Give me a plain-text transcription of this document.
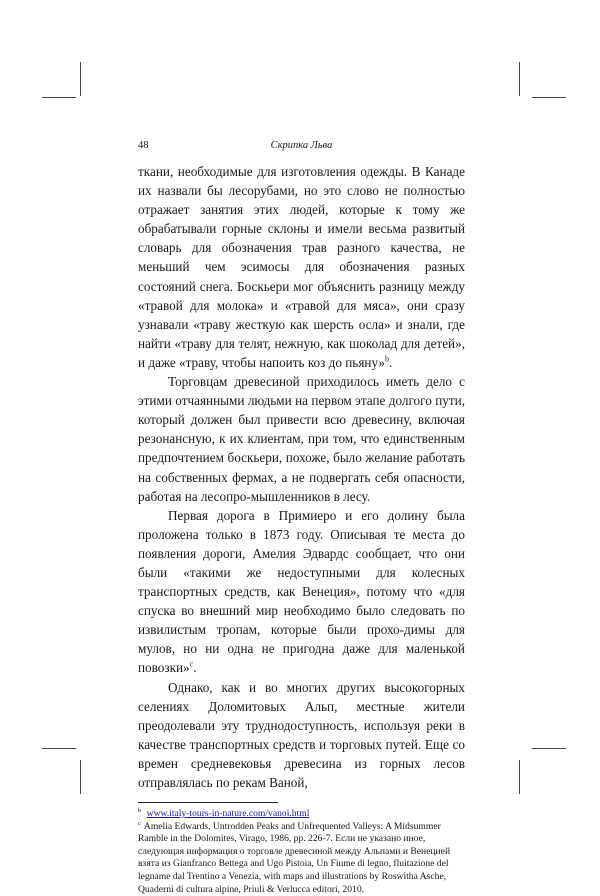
48	Скрипка Льва

ткани, необходимые для изготовления одежды. В Канаде их назвали бы лесорубами, но это слово не полностью отражает занятия этих людей, которые к тому же обрабатывали горные склоны и имели весьма развитый словарь для обозначения трав разного качества, не меньший чем эсимосы для обозначения разных состояний снега. Боскьери мог объяснить разницу между «травой для молока» и «травой для мяса», они сразу узнавали «траву жесткую как шерсть осла» и знали, где найти «траву для телят, нежную, как шоколад для детей», и даже «траву, чтобы напоить коз до пьяну»$^b$.

Торговцам древесиной приходилось иметь дело с этими отчаянными людьми на первом этапе долгого пути, который должен был привести всю древесину, включая резонансную, к их клиентам, при том, что единственным предпочтением боскьери, похоже, было желание работать на собственных фермах, а не подвергать себя опасности, работая на лесопро-мышленников в лесу.

Первая дорога в Примиеро и его долину была проложена только в 1873 году. Описывая те места до появления дороги, Амелия Эдвардс сообщает, что они были «такими же недоступными для колесных транспортных средств, как Венеция», потому что «для спуска во внешний мир необходимо было следовать по извилистым тропам, которые были прохо-димы для мулов, но ни одна не пригодна даже для маленькой повозки»$^c$.

Однако, как и во многих других высокогорных селениях Доломитовых Альп, местные жители преодолевали эту труднодоступность, используя реки в качестве транспортных средств и торговых путей. Еще со времен средневековья древесина из горных лесов отправлялась по рекам Ваной,

$^b$ www.italy-tours-in-nature.com/vanoi.html

$^c$ Amelia Edwards, Untrodden Peaks and Unfrequented Valleys: A Midsummer Ramble in the Dolomites, Virago, 1986, pp. 226-7. Если не указано иное, следующая информация о торговле древесиной между Альпами и Венецией взята из Gianfranco Bettega and Ugo Pistoia, Un Fiume di legno, fluitazione del legname dal Trentino a Venezia, with maps and illustrations by Roswitha Asche, Quaderni di cultura alpine, Priuli & Verlucca editori, 2010.
